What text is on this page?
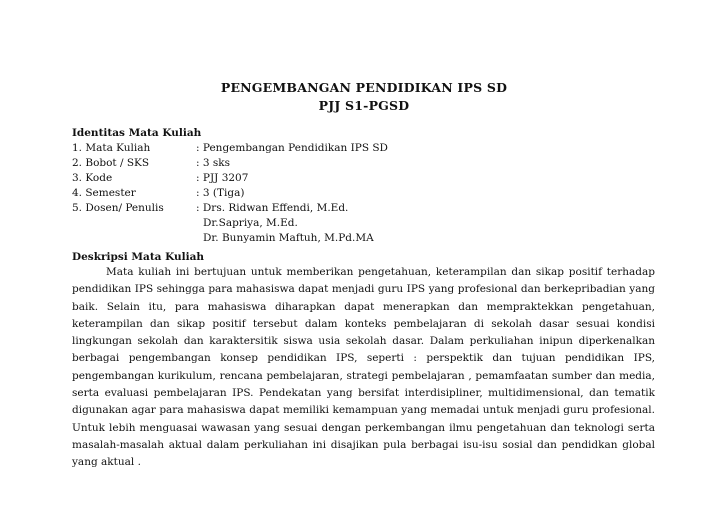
PENGEMBANGAN PENDIDIKAN IPS SD
PJJ S1-PGSD
Identitas Mata Kuliah
1. Mata Kuliah	: Pengembangan Pendidikan IPS SD
2. Bobot / SKS	: 3 sks
3. Kode	: PJJ 3207
4. Semester	: 3 (Tiga)
5. Dosen/ Penulis	: Drs. Ridwan Effendi, M.Ed.
Dr.Sapriya, M.Ed.
Dr. Bunyamin Maftuh, M.Pd.MA
Deskripsi Mata Kuliah

Mata kuliah ini bertujuan untuk memberikan pengetahuan, keterampilan dan sikap positif terhadap pendidikan IPS sehingga para mahasiswa dapat menjadi guru IPS yang profesional dan berkepribadian yang baik. Selain itu, para mahasiswa diharapkan dapat menerapkan dan mempraktekkan pengetahuan, keterampilan dan sikap positif tersebut dalam konteks pembelajaran di sekolah dasar sesuai kondisi lingkungan sekolah dan karaktersitik siswa usia sekolah dasar. Dalam perkuliahan inipun diperkenalkan berbagai pengembangan konsep pendidikan IPS, seperti : perspektik dan tujuan pendidikan IPS, pengembangan kurikulum, rencana pembelajaran, strategi pembelajaran , pemamfaatan sumber dan media, serta evaluasi pembelajaran IPS. Pendekatan yang bersifat interdisipliner, multidimensional, dan tematik digunakan agar para mahasiswa dapat memiliki kemampuan yang memadai untuk menjadi guru profesional. Untuk lebih menguasai wawasan yang sesuai dengan perkembangan ilmu pengetahuan dan teknologi serta masalah-masalah aktual dalam perkuliahan ini disajikan pula berbagai isu-isu sosial dan pendidkan global yang aktual .
